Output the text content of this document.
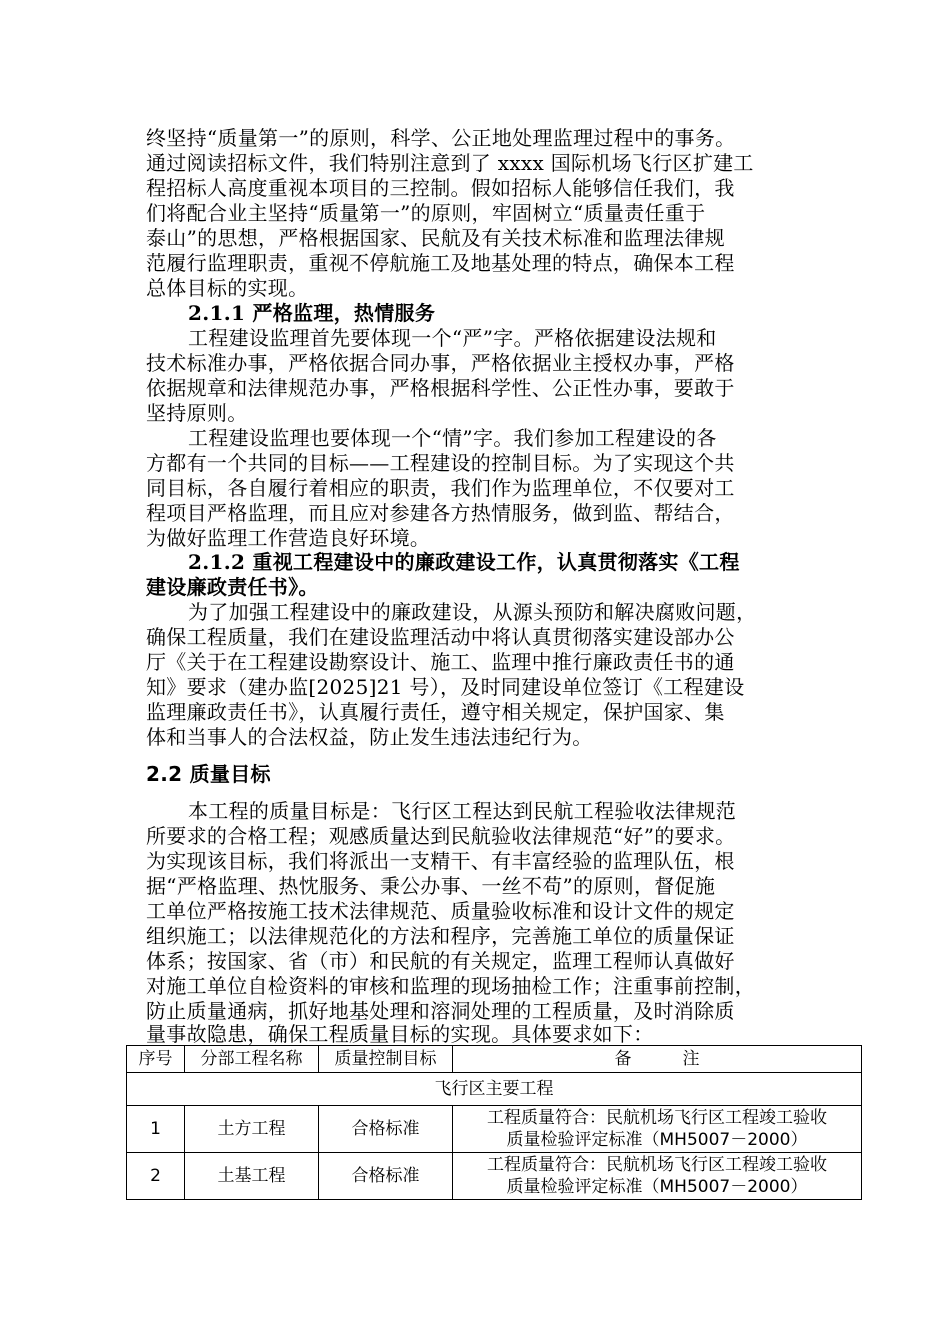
终坚持“质量第一”的原则，科学、公正地处理监理过程中的事务。
通过阅读招标文件，我们特别注意到了 xxxx 国际机场飞行区扩建工
程招标人高度重视本项目的三控制。假如招标人能够信任我们，我
们将配合业主坚持“质量第一”的原则，牢固树立“质量责任重于
泰山”的思想，严格根据国家、民航及有关技术标准和监理法律规
范履行监理职责，重视不停航施工及地基处理的特点，确保本工程
总体目标的实现。
2.1.1 严格监理，热情服务
工程建设监理首先要体现一个“严”字。严格依据建设法规和
技术标准办事，严格依据合同办事，严格依据业主授权办事，严格
依据规章和法律规范办事，严格根据科学性、公正性办事，要敢于
坚持原则。
工程建设监理也要体现一个“情”字。我们参加工程建设的各
方都有一个共同的目标——工程建设的控制目标。为了实现这个共
同目标，各自履行着相应的职责，我们作为监理单位，不仅要对工
程项目严格监理，而且应对参建各方热情服务，做到监、帮结合，
为做好监理工作营造良好环境。
2.1.2 重视工程建设中的廉政建设工作，认真贯彻落实《工程
建设廉政责任书》。
为了加强工程建设中的廉政建设，从源头预防和解决腐败问题，
确保工程质量，我们在建设监理活动中将认真贯彻落实建设部办公
厅《关于在工程建设勘察设计、施工、监理中推行廉政责任书的通
知》要求（建办监[2025]21 号），及时同建设单位签订《工程建设
监理廉政责任书》，认真履行责任，遵守相关规定，保护国家、集
体和当事人的合法权益，防止发生违法违纪行为。
2.2 质量目标
本工程的质量目标是：飞行区工程达到民航工程验收法律规范
所要求的合格工程；观感质量达到民航验收法律规范“好”的要求。
为实现该目标，我们将派出一支精干、有丰富经验的监理队伍，根
据“严格监理、热忱服务、秉公办事、一丝不苟”的原则，督促施
工单位严格按施工技术法律规范、质量验收标准和设计文件的规定
组织施工；以法律规范化的方法和程序，完善施工单位的质量保证
体系；按国家、省（市）和民航的有关规定，监理工程师认真做好
对施工单位自检资料的审核和监理的现场抽检工作；注重事前控制，
防止质量通病，抓好地基处理和溶洞处理的工程质量，及时消除质
量事故隐患，确保工程质量目标的实现。具体要求如下：
序号	分部工程名称	质量控制目标	备　　　注
飞行区主要工程			
1	土方工程	合格标准	工程质量符合：民航机场飞行区工程竣工验收
质量检验评定标准（MH5007－2000）

2	土基工程	合格标准	工程质量符合：民航机场飞行区工程竣工验收
质量检验评定标准（MH5007－2000）
